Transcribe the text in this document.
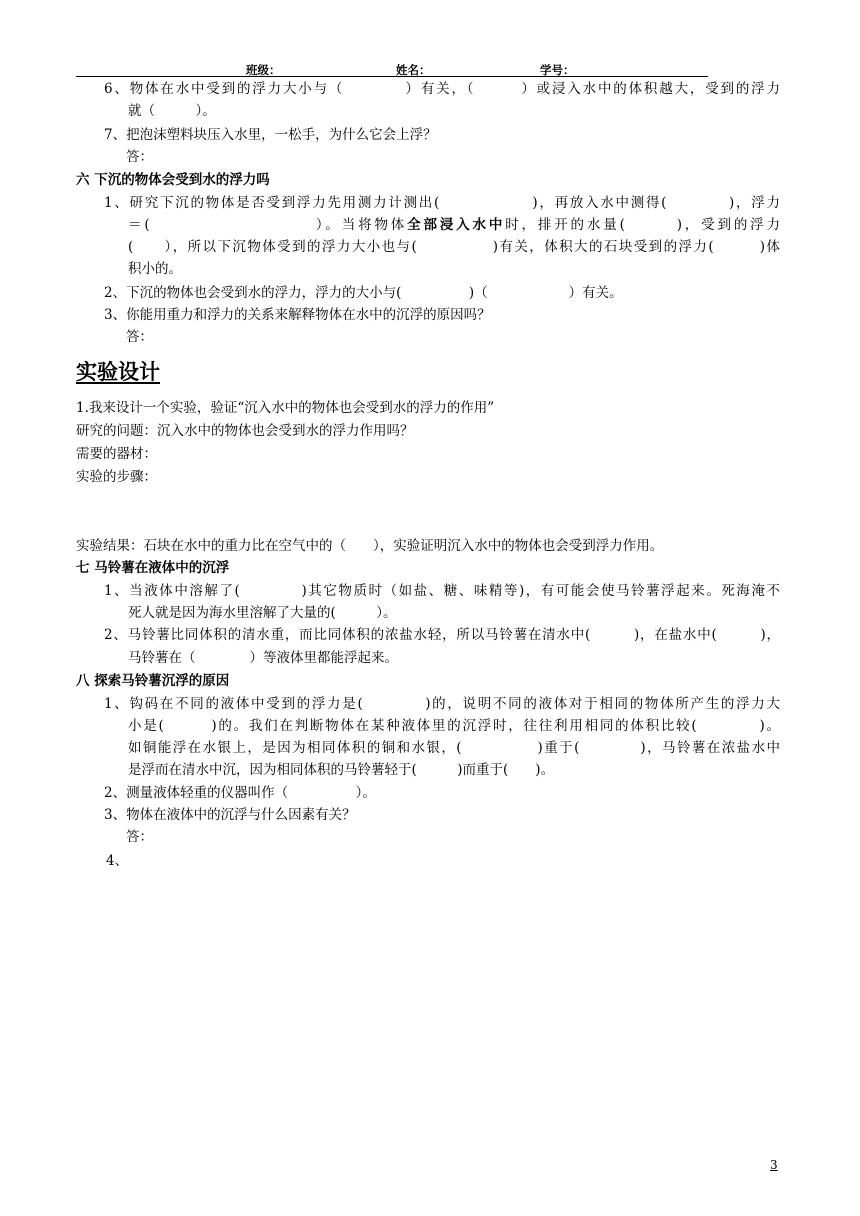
班级：	姓名：	学号：
6、物体在水中受到的浮力大小与（　　　　）有关，（　　　）或浸入水中的体积越大，受到的浮力
就（　　　）。
7、把泡沫塑料块压入水里，一松手，为什么它会上浮？
答：
六 下沉的物体会受到水的浮力吗
1、研究下沉的物体是否受到浮力先用测力计测出(　　　　　　)，再放入水中测得(　　　　)，浮力
＝(　　　　　　　　　　）。当将物体全部浸入水中时，排开的水量(　　　)，受到的浮力
(　　），所以下沉物体受到的浮力大小也与(　　　　　)有关，体积大的石块受到的浮力(　　　)体
积小的。
2、下沉的物体也会受到水的浮力，浮力的大小与(　　　　　)（　　　　　　）有关。
3、你能用重力和浮力的关系来解释物体在水中的沉浮的原因吗？
答：
实验设计
1.我来设计一个实验，验证“沉入水中的物体也会受到水的浮力的作用”
研究的问题：沉入水中的物体也会受到水的浮力作用吗？
需要的器材：
实验的步骤：
实验结果：石块在水中的重力比在空气中的（　　），实验证明沉入水中的物体也会受到浮力作用。
七 马铃薯在液体中的沉浮
1、当液体中溶解了(　　　　)其它物质时（如盐、糖、味精等)，有可能会使马铃薯浮起来。死海淹不
死人就是因为海水里溶解了大量的(　　　）。
2、马铃薯比同体积的清水重，而比同体积的浓盐水轻，所以马铃薯在清水中(　　　)，在盐水中(　　　)，
马铃薯在（　　　　）等液体里都能浮起来。
八 探索马铃薯沉浮的原因
1、钩码在不同的液体中受到的浮力是(　　　　)的，说明不同的液体对于相同的物体所产生的浮力大
小是(　　　)的。我们在判断物体在某种液体里的沉浮时，往往利用相同的体积比较(　　　　)。
如铜能浮在水银上，是因为相同体积的铜和水银，(　　　　　)重于(　　　　)，马铃薯在浓盐水中
是浮而在清水中沉，因为相同体积的马铃薯轻于(　　　)而重于(　　)。
2、测量液体轻重的仪器叫作（　　　　　）。
3、物体在液体中的沉浮与什么因素有关？
答：
4、
3
